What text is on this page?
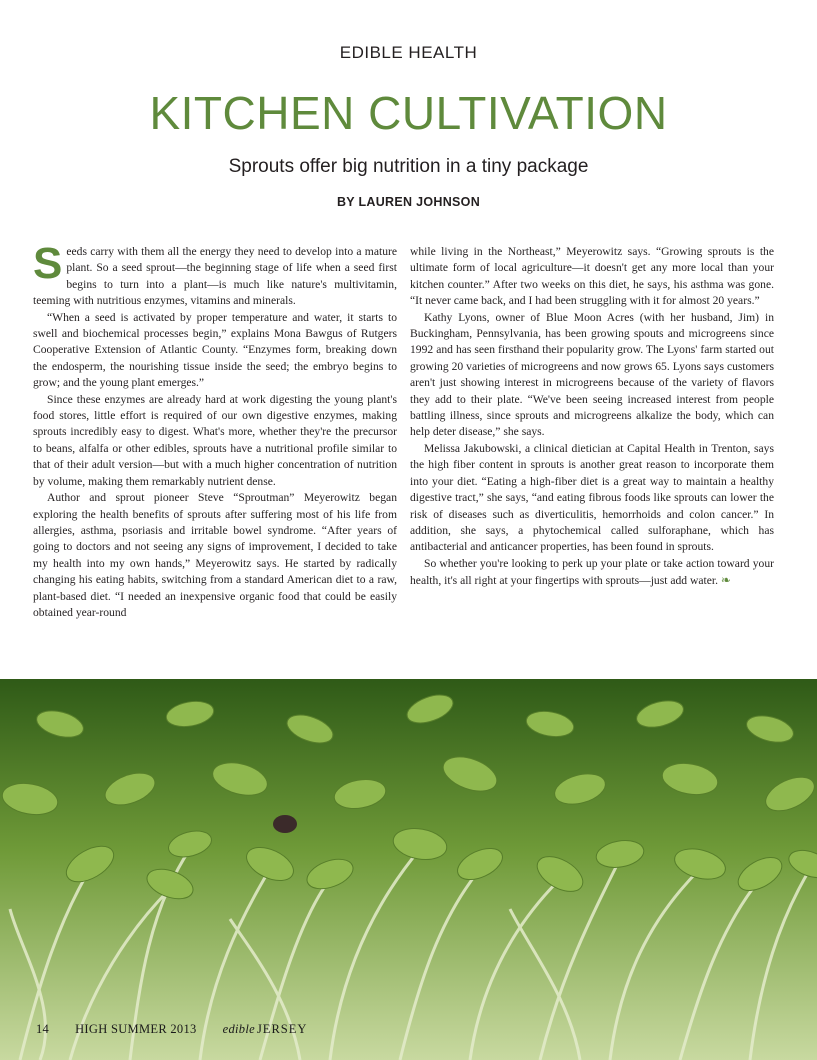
EDIBLE HEALTH
KITCHEN CULTIVATION
Sprouts offer big nutrition in a tiny package
BY LAUREN JOHNSON

Seeds carry with them all the energy they need to develop into a mature plant. So a seed sprout—the beginning stage of life when a seed first begins to turn into a plant—is much like nature's multivitamin, teeming with nutritious enzymes, vitamins and minerals.

“When a seed is activated by proper temperature and water, it starts to swell and biochemical processes begin,” explains Mona Bawgus of Rutgers Cooperative Extension of Atlantic County. “Enzymes form, breaking down the endosperm, the nourishing tissue inside the seed; the embryo begins to grow; and the young plant emerges.”

Since these enzymes are already hard at work digesting the young plant's food stores, little effort is required of our own digestive enzymes, making sprouts incredibly easy to digest. What's more, whether they're the precursor to beans, alfalfa or other edibles, sprouts have a nutritional profile similar to that of their adult version—but with a much higher concentration of nutrition by volume, making them remarkably nutrient dense.

Author and sprout pioneer Steve “Sproutman” Meyerowitz began exploring the health benefits of sprouts after suffering most of his life from allergies, asthma, psoriasis and irritable bowel syndrome. “After years of going to doctors and not seeing any signs of improvement, I decided to take my health into my own hands,” Meyerowitz says. He started by radically changing his eating habits, switching from a standard American diet to a raw, plant-based diet. “I needed an inexpensive organic food that could be easily obtained year-round

while living in the Northeast,” Meyerowitz says. “Growing sprouts is the ultimate form of local agriculture—it doesn't get any more local than your kitchen counter.” After two weeks on this diet, he says, his asthma was gone. “It never came back, and I had been struggling with it for almost 20 years.”

Kathy Lyons, owner of Blue Moon Acres (with her husband, Jim) in Buckingham, Pennsylvania, has been growing spouts and microgreens since 1992 and has seen firsthand their popularity grow. The Lyons' farm started out growing 20 varieties of microgreens and now grows 65. Lyons says customers aren't just showing interest in microgreens because of the variety of flavors they add to their plate. “We've been seeing increased interest from people battling illness, since sprouts and microgreens alkalize the body, which can help deter disease,” she says.

Melissa Jakubowski, a clinical dietician at Capital Health in Trenton, says the high fiber content in sprouts is another great reason to incorporate them into your diet. “Eating a high-fiber diet is a great way to maintain a healthy digestive tract,” she says, “and eating fibrous foods like sprouts can lower the risk of diseases such as diverticulitis, hemorrhoids and colon cancer.” In addition, she says, a phytochemical called sulforaphane, which has antibacterial and anticancer properties, has been found in sprouts.

So whether you're looking to perk up your plate or take action toward your health, it's all right at your fingertips with sprouts—just add water. ❧

14 HIGH SUMMER 2013 edible JERSEY
